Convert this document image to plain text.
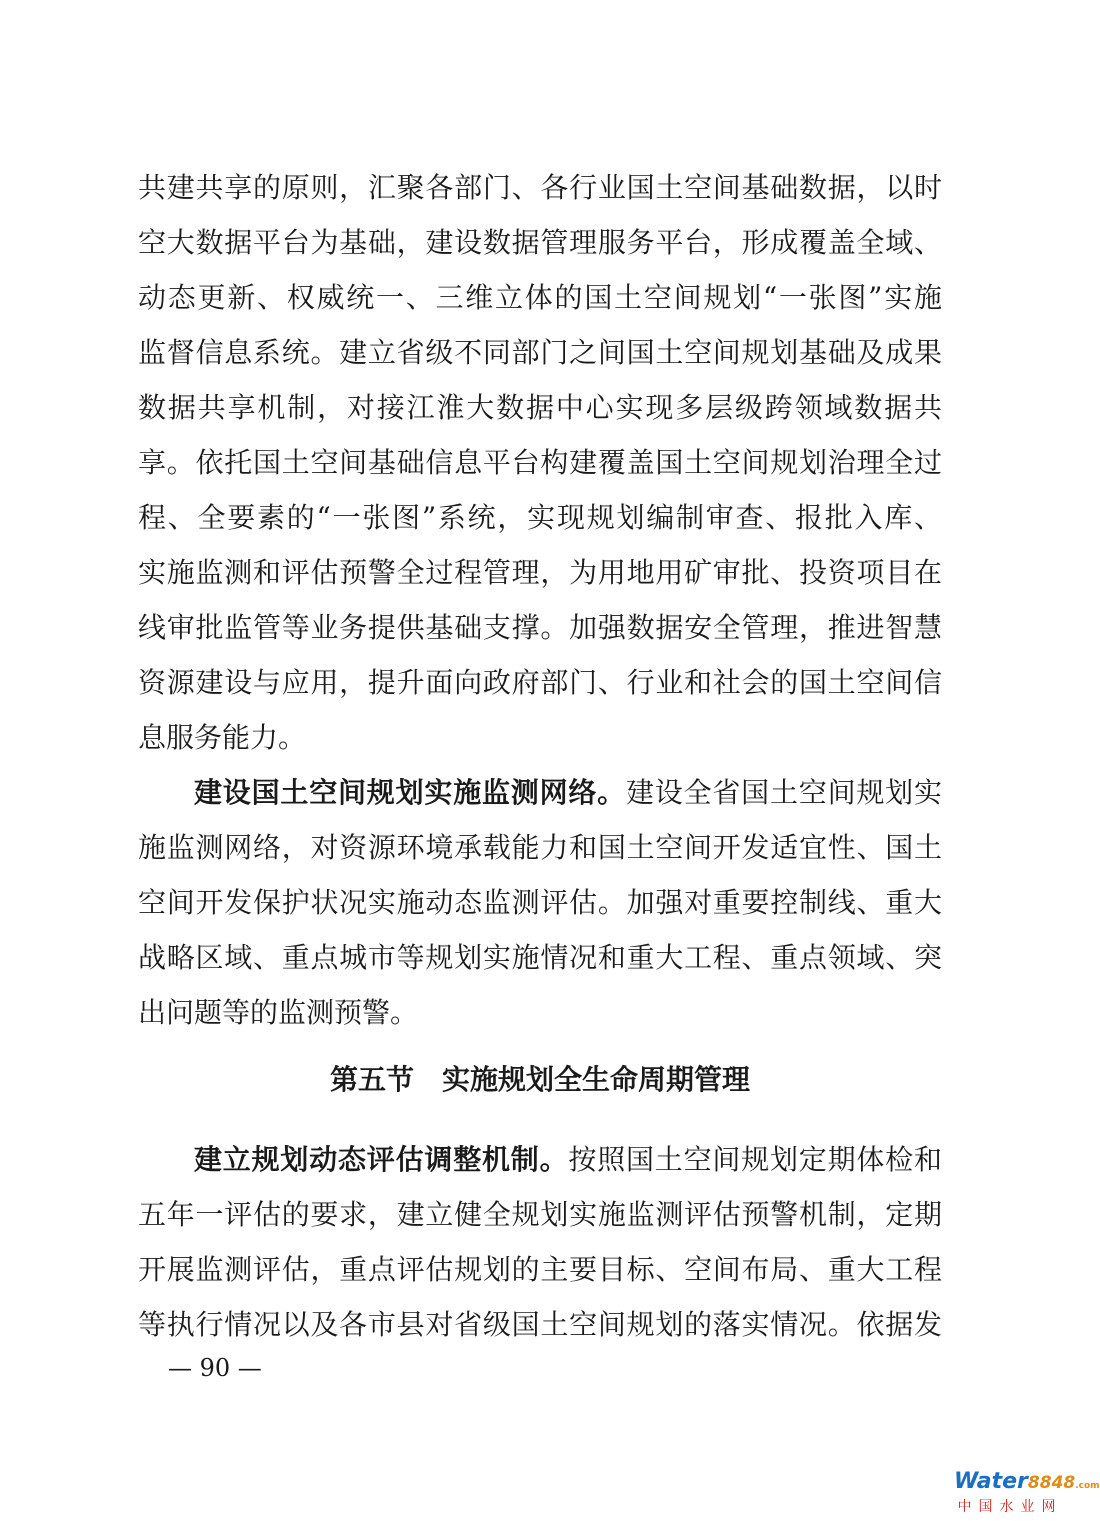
共建共享的原则，汇聚各部门、各行业国土空间基础数据，以时
空大数据平台为基础，建设数据管理服务平台，形成覆盖全域、
动态更新、权威统一、三维立体的国土空间规划“一张图”实施
监督信息系统。建立省级不同部门之间国土空间规划基础及成果
数据共享机制，对接江淮大数据中心实现多层级跨领域数据共
享。依托国土空间基础信息平台构建覆盖国土空间规划治理全过
程、全要素的“一张图”系统，实现规划编制审查、报批入库、
实施监测和评估预警全过程管理，为用地用矿审批、投资项目在
线审批监管等业务提供基础支撑。加强数据安全管理，推进智慧
资源建设与应用，提升面向政府部门、行业和社会的国土空间信
息服务能力。
建设国土空间规划实施监测网络。建设全省国土空间规划实
施监测网络，对资源环境承载能力和国土空间开发适宜性、国土
空间开发保护状况实施动态监测评估。加强对重要控制线、重大
战略区域、重点城市等规划实施情况和重大工程、重点领域、突
出问题等的监测预警。
第五节　实施规划全生命周期管理
建立规划动态评估调整机制。按照国土空间规划定期体检和
五年一评估的要求，建立健全规划实施监测评估预警机制，定期
开展监测评估，重点评估规划的主要目标、空间布局、重大工程
等执行情况以及各市县对省级国土空间规划的落实情况。依据发
— 90 —
Water8848.com
中国水业网
